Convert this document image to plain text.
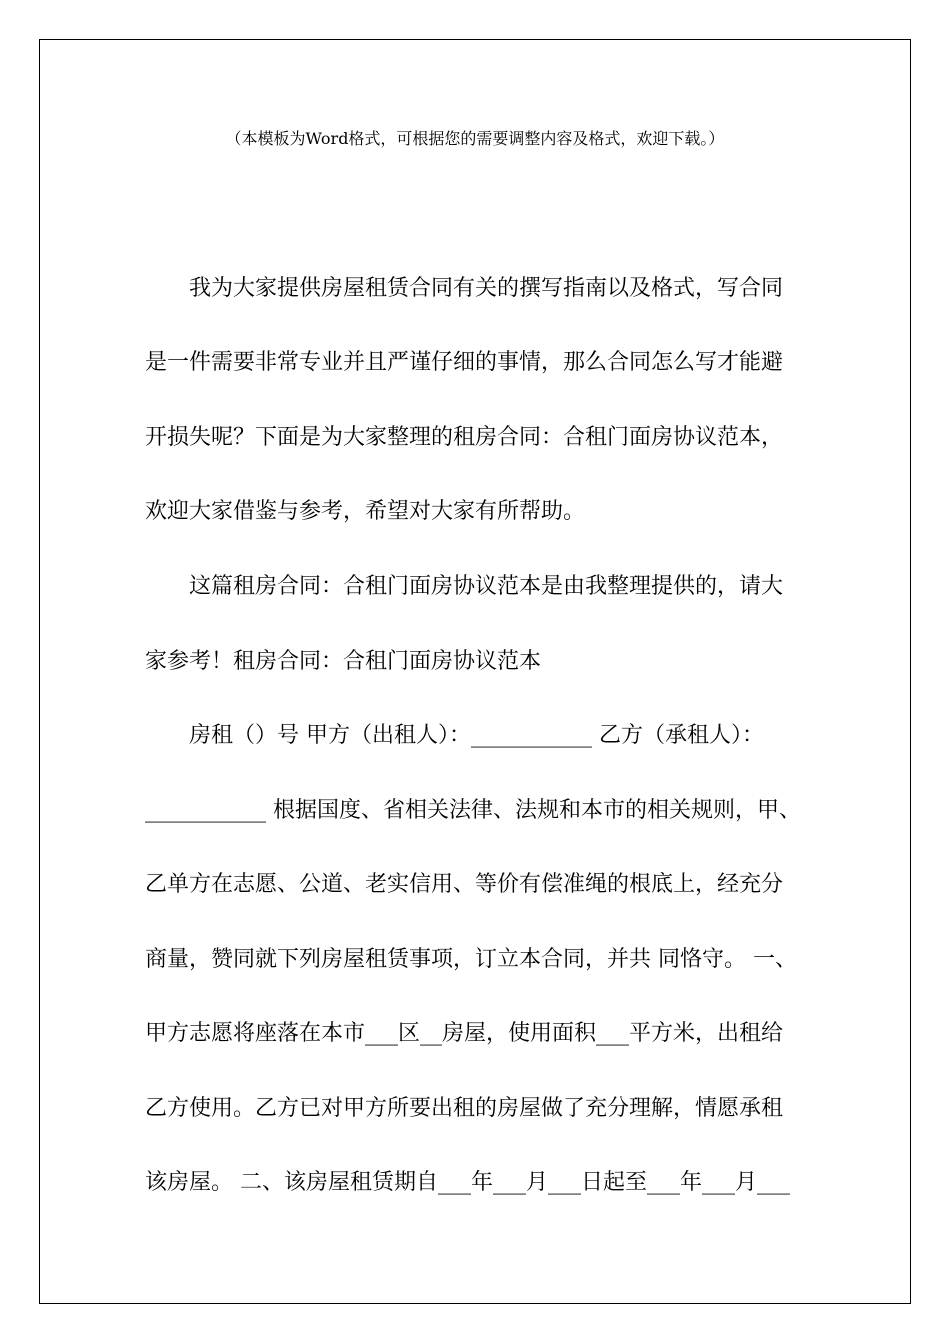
（本模板为Word格式，可根据您的需要调整内容及格式，欢迎下载。）
我为大家提供房屋租赁合同有关的撰写指南以及格式，写合同
是一件需要非常专业并且严谨仔细的事情，那么合同怎么写才能避
开损失呢？下面是为大家整理的租房合同：合租门面房协议范本，
欢迎大家借鉴与参考，希望对大家有所帮助。
这篇租房合同：合租门面房协议范本是由我整理提供的，请大
家参考！租房合同：合租门面房协议范本
房租（）号 甲方（出租人）：___________ 乙方（承租人）：
___________ 根据国度、省相关法律、法规和本市的相关规则，甲、
乙单方在志愿、公道、老实信用、等价有偿准绳的根底上，经充分
商量，赞同就下列房屋租赁事项，订立本合同，并共 同恪守。 一、
甲方志愿将座落在本市___区__房屋，使用面积___平方米，出租给
乙方使用。乙方已对甲方所要出租的房屋做了充分理解，情愿承租
该房屋。 二、该房屋租赁期自___年___月___日起至___年___月___
